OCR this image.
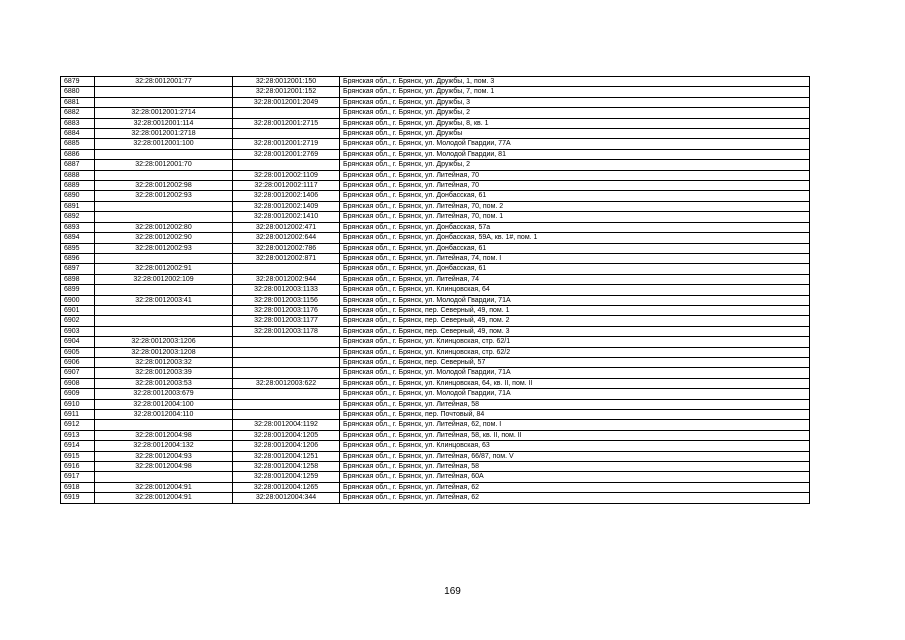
6879	32:28:0012001:77	32:28:0012001:150	Брянская обл., г. Брянск, ул. Дружбы, 1, пом. 3
6880		32:28:0012001:152	Брянская обл., г. Брянск, ул. Дружбы, 7, пом. 1
6881		32:28:0012001:2049	Брянская обл., г. Брянск, ул. Дружбы, 3
6882	32:28:0012001:2714		Брянская обл., г. Брянск, ул. Дружбы, 2
6883	32:28:0012001:114	32:28:0012001:2715	Брянская обл., г. Брянск, ул. Дружбы, 8, кв. 1
6884	32:28:0012001:2718		Брянская обл., г. Брянск, ул. Дружбы
6885	32:28:0012001:100	32:28:0012001:2719	Брянская обл., г. Брянск, ул. Молодой Гвардии, 77А
6886		32:28:0012001:2769	Брянская обл., г. Брянск, ул. Молодой Гвардии, 81
6887	32:28:0012001:70		Брянская обл., г. Брянск, ул. Дружбы, 2
6888		32:28:0012002:1109	Брянская обл., г. Брянск, ул. Литейная, 70
6889	32:28:0012002:98	32:28:0012002:1117	Брянская обл., г. Брянск, ул. Литейная, 70
6890	32:28:0012002:93	32:28:0012002:1406	Брянская обл., г. Брянск, ул. Донбасская, 61
6891		32:28:0012002:1409	Брянская обл., г. Брянск, ул. Литейная, 70, пом. 2
6892		32:28:0012002:1410	Брянская обл., г. Брянск, ул. Литейная, 70, пом. 1
6893	32:28:0012002:80	32:28:0012002:471	Брянская обл., г. Брянск, ул. Донбасская, 57а
6894	32:28:0012002:90	32:28:0012002:644	Брянская обл., г. Брянск, ул. Донбасская, 59А, кв. 1#, пом. 1
6895	32:28:0012002:93	32:28:0012002:786	Брянская обл., г. Брянск, ул. Донбасская, 61
6896		32:28:0012002:871	Брянская обл., г. Брянск, ул. Литейная, 74, пом. I
6897	32:28:0012002:91		Брянская обл., г. Брянск, ул. Донбасская, 61
6898	32:28:0012002:109	32:28:0012002:944	Брянская обл., г. Брянск, ул. Литейная, 74
6899		32:28:0012003:1133	Брянская обл., г. Брянск, ул. Клинцовская, 64
6900	32:28:0012003:41	32:28:0012003:1156	Брянская обл., г. Брянск, ул. Молодой Гвардии, 71А
6901		32:28:0012003:1176	Брянская обл., г. Брянск, пер. Северный, 49, пом. 1
6902		32:28:0012003:1177	Брянская обл., г. Брянск, пер. Северный, 49, пом. 2
6903		32:28:0012003:1178	Брянская обл., г. Брянск, пер. Северный, 49, пом. 3
6904	32:28:0012003:1206		Брянская обл., г. Брянск, ул. Клинцовская, стр. 62/1
6905	32:28:0012003:1208		Брянская обл., г. Брянск, ул. Клинцовская, стр. 62/2
6906	32:28:0012003:32		Брянская обл., г. Брянск, пер. Северный, 57
6907	32:28:0012003:39		Брянская обл., г. Брянск, ул. Молодой Гвардии, 71А
6908	32:28:0012003:53	32:28:0012003:622	Брянская обл., г. Брянск, ул. Клинцовская, 64, кв. II, пом. II
6909	32:28:0012003:679		Брянская обл., г. Брянск, ул. Молодой Гвардии, 71А
6910	32:28:0012004:100		Брянская обл., г. Брянск, ул. Литейная, 58
6911	32:28:0012004:110		Брянская обл., г. Брянск, пер. Почтовый, 84
6912		32:28:0012004:1192	Брянская обл., г. Брянск, ул. Литейная, 62, пом. I
6913	32:28:0012004:98	32:28:0012004:1205	Брянская обл., г. Брянск, ул. Литейная, 58, кв. II, пом. II
6914	32:28:0012004:132	32:28:0012004:1206	Брянская обл., г. Брянск, ул. Клинцовская, 63
6915	32:28:0012004:93	32:28:0012004:1251	Брянская обл., г. Брянск, ул. Литейная, 66/87, пом. V
6916	32:28:0012004:98	32:28:0012004:1258	Брянская обл., г. Брянск, ул. Литейная, 58
6917		32:28:0012004:1259	Брянская обл., г. Брянск, ул. Литейная, 60А
6918	32:28:0012004:91	32:28:0012004:1265	Брянская обл., г. Брянск, ул. Литейная, 62
6919	32:28:0012004:91	32:28:0012004:344	Брянская обл., г. Брянск, ул. Литейная, 62
169
